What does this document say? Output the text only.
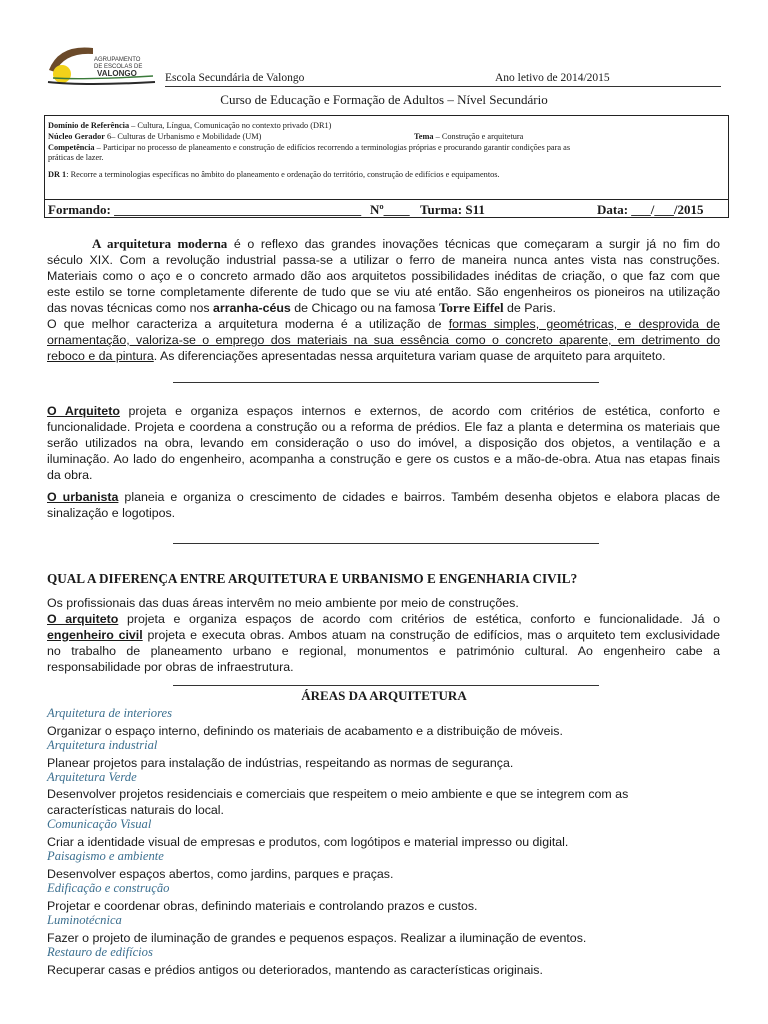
AGRUPAMENTO
DE ESCOLAS DE
VALONGO Escola Secundária de Valongo	Ano letivo de 2014/2015
Curso de Educação e Formação de Adultos – Nível Secundário
Domínio de Referência – Cultura, Língua, Comunicação no contexto privado (DR1)
Núcleo Gerador 6– Culturas de Urbanismo e Mobilidade (UM)	Tema – Construção e arquitetura
Competência – Participar no processo de planeamento e construção de edifícios recorrendo a terminologias próprias e procurando garantir condições para as
práticas de lazer.
DR 1: Recorre a terminologias específicas no âmbito do planeamento e ordenação do território, construção de edifícios e equipamentos.
Formando: ______________________________________ Nº____ Turma: S11	Data: ___/___/2015
A arquitetura moderna é o reflexo das grandes inovações técnicas que começaram a surgir já no fim do
século XIX. Com a revolução industrial passa-se a utilizar o ferro de maneira nunca antes vista nas construções.
Materiais como o aço e o concreto armado dão aos arquitetos possibilidades inéditas de criação, o que faz com que
este estilo se torne completamente diferente de tudo que se viu até então. São engenheiros os pioneiros na utilização
das novas técnicas como nos arranha-céus de Chicago ou na famosa Torre Eiffel de Paris.
O que melhor caracteriza a arquitetura moderna é a utilização de formas simples, geométricas, e desprovida de
ornamentação, valoriza-se o emprego dos materiais na sua essência como o concreto aparente, em detrimento do
reboco e da pintura. As diferenciações apresentadas nessa arquitetura variam quase de arquiteto para arquiteto.
O Arquiteto projeta e organiza espaços internos e externos, de acordo com critérios de estética, conforto e
funcionalidade. Projeta e coordena a construção ou a reforma de prédios. Ele faz a planta e determina os materiais que
serão utilizados na obra, levando em consideração o uso do imóvel, a disposição dos objetos, a ventilação e a
iluminação. Ao lado do engenheiro, acompanha a construção e gere os custos e a mão-de-obra. Atua nas etapas finais
da obra.
O urbanista planeia e organiza o crescimento de cidades e bairros. Também desenha objetos e elabora placas de
sinalização e logotipos.
QUAL A DIFERENÇA ENTRE ARQUITETURA E URBANISMO E ENGENHARIA CIVIL?
Os profissionais das duas áreas intervêm no meio ambiente por meio de construções.
O arquiteto projeta e organiza espaços de acordo com critérios de estética, conforto e funcionalidade. Já o
engenheiro civil projeta e executa obras. Ambos atuam na construção de edifícios, mas o arquiteto tem exclusividade
no trabalho de planeamento urbano e regional, monumentos e património cultural. Ao engenheiro cabe a
responsabilidade por obras de infraestrutura.
ÁREAS DA ARQUITETURA
Arquitetura de interiores
Organizar o espaço interno, definindo os materiais de acabamento e a distribuição de móveis.
Arquitetura industrial
Planear projetos para instalação de indústrias, respeitando as normas de segurança.
Arquitetura Verde
Desenvolver projetos residenciais e comerciais que respeitem o meio ambiente e que se integrem com as
características naturais do local.
Comunicação Visual
Criar a identidade visual de empresas e produtos, com logótipos e material impresso ou digital.
Paisagismo e ambiente
Desenvolver espaços abertos, como jardins, parques e praças.
Edificação e construção
Projetar e coordenar obras, definindo materiais e controlando prazos e custos.
Luminotécnica
Fazer o projeto de iluminação de grandes e pequenos espaços. Realizar a iluminação de eventos.
Restauro de edifícios
Recuperar casas e prédios antigos ou deteriorados, mantendo as características originais.
